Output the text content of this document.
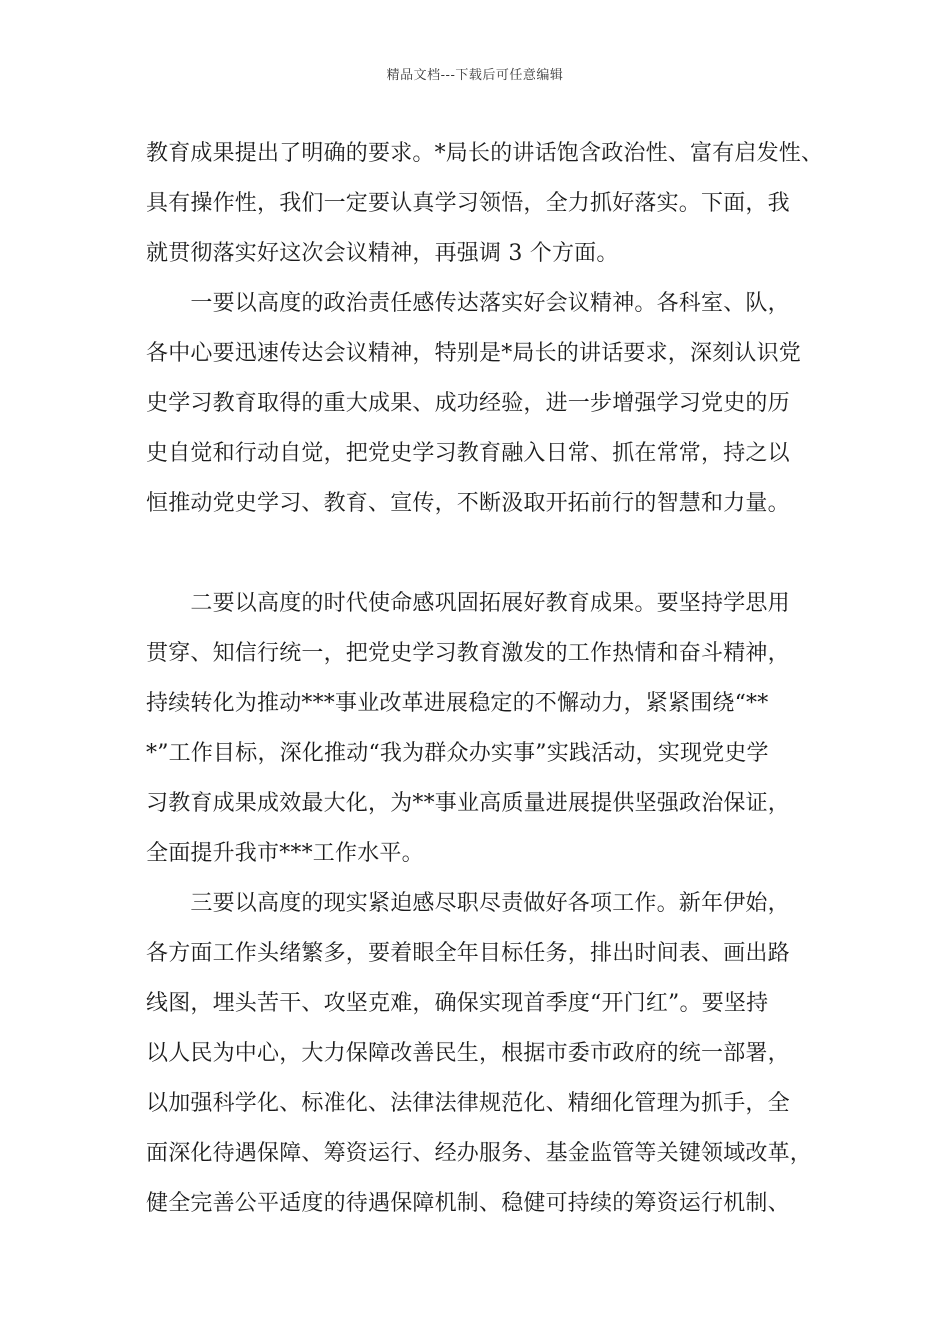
精品文档---下载后可任意编辑
教育成果提出了明确的要求。*局长的讲话饱含政治性、富有启发性、
具有操作性，我们一定要认真学习领悟，全力抓好落实。下面，我
就贯彻落实好这次会议精神，再强调 3 个方面。
　　一要以高度的政治责任感传达落实好会议精神。各科室、队，
各中心要迅速传达会议精神，特别是*局长的讲话要求，深刻认识党
史学习教育取得的重大成果、成功经验，进一步增强学习党史的历
史自觉和行动自觉，把党史学习教育融入日常、抓在常常，持之以
恒推动党史学习、教育、宣传，不断汲取开拓前行的智慧和力量。
　　二要以高度的时代使命感巩固拓展好教育成果。要坚持学思用
贯穿、知信行统一，把党史学习教育激发的工作热情和奋斗精神，
持续转化为推动***事业改革进展稳定的不懈动力，紧紧围绕“**
*”工作目标，深化推动“我为群众办实事”实践活动，实现党史学
习教育成果成效最大化，为**事业高质量进展提供坚强政治保证，
全面提升我市***工作水平。
　　三要以高度的现实紧迫感尽职尽责做好各项工作。新年伊始，
各方面工作头绪繁多，要着眼全年目标任务，排出时间表、画出路
线图，埋头苦干、攻坚克难，确保实现首季度“开门红”。要坚持
以人民为中心，大力保障改善民生，根据市委市政府的统一部署，
以加强科学化、标准化、法律法律规范化、精细化管理为抓手，全
面深化待遇保障、筹资运行、经办服务、基金监管等关键领域改革，
健全完善公平适度的待遇保障机制、稳健可持续的筹资运行机制、
